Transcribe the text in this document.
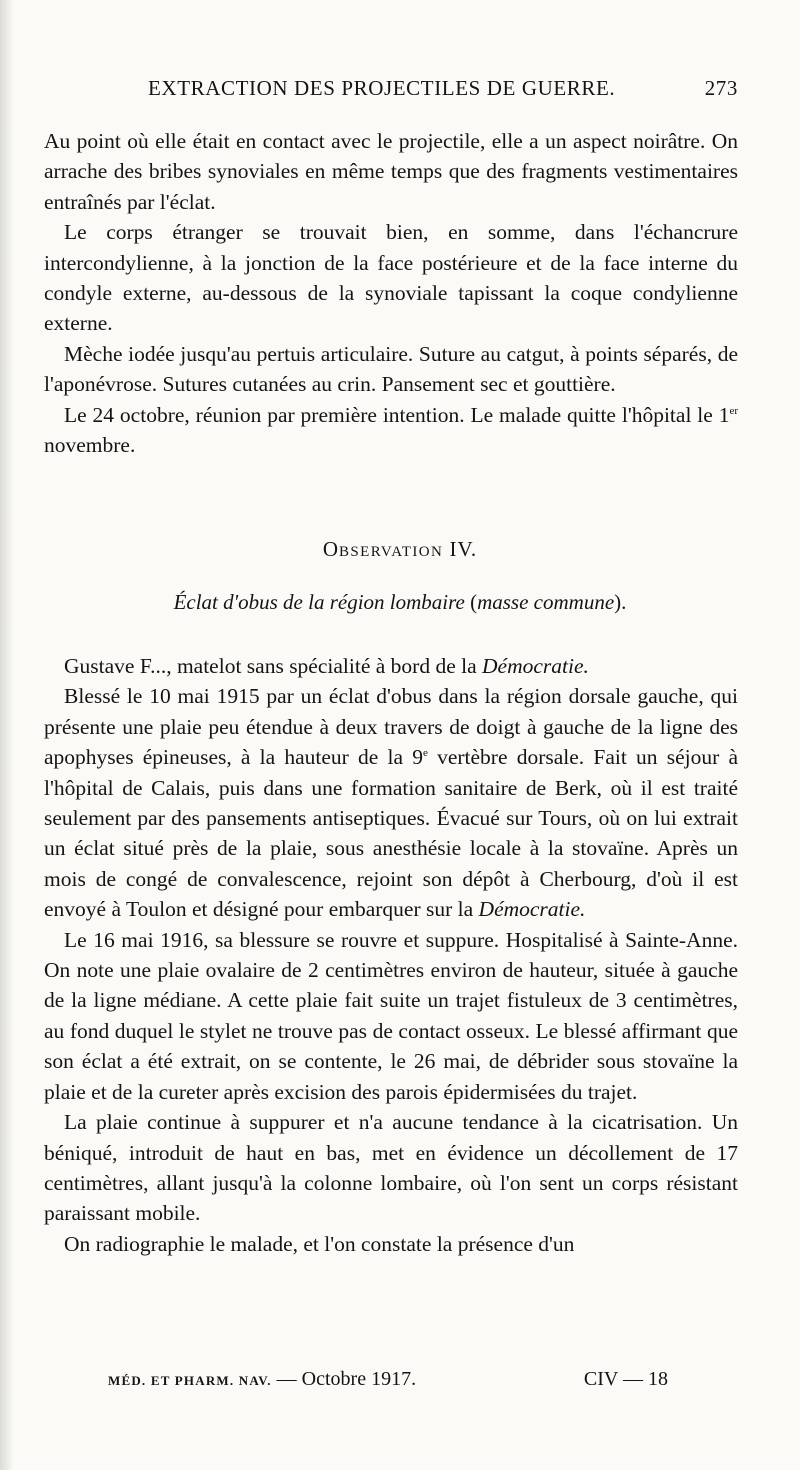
EXTRACTION DES PROJECTILES DE GUERRE.	273

Au point où elle était en contact avec le projectile, elle a un aspect noirâtre. On arrache des bribes synoviales en même temps que des fragments vestimentaires entraînés par l'éclat.

Le corps étranger se trouvait bien, en somme, dans l'échancrure intercondylienne, à la jonction de la face postérieure et de la face interne du condyle externe, au-dessous de la synoviale tapissant la coque condylienne externe.

Mèche iodée jusqu'au pertuis articulaire. Suture au catgut, à points séparés, de l'aponévrose. Sutures cutanées au crin. Pansement sec et gouttière.

Le 24 octobre, réunion par première intention. Le malade quitte l'hôpital le 1er novembre.

OBSERVATION IV.
Éclat d'obus de la région lombaire (masse commune).

Gustave F..., matelot sans spécialité à bord de la Démocratie.

Blessé le 10 mai 1915 par un éclat d'obus dans la région dorsale gauche, qui présente une plaie peu étendue à deux travers de doigt à gauche de la ligne des apophyses épineuses, à la hauteur de la 9e vertèbre dorsale. Fait un séjour à l'hôpital de Calais, puis dans une formation sanitaire de Berk, où il est traité seulement par des pansements antiseptiques. Évacué sur Tours, où on lui extrait un éclat situé près de la plaie, sous anesthésie locale à la stovaïne. Après un mois de congé de convalescence, rejoint son dépôt à Cherbourg, d'où il est envoyé à Toulon et désigné pour embarquer sur la Démocratie.

Le 16 mai 1916, sa blessure se rouvre et suppure. Hospitalisé à Sainte-Anne. On note une plaie ovalaire de 2 centimètres environ de hauteur, située à gauche de la ligne médiane. A cette plaie fait suite un trajet fistuleux de 3 centimètres, au fond duquel le stylet ne trouve pas de contact osseux. Le blessé affirmant que son éclat a été extrait, on se contente, le 26 mai, de débrider sous stovaïne la plaie et de la cureter après excision des parois épidermisées du trajet.

La plaie continue à suppurer et n'a aucune tendance à la cicatrisation. Un béniqué, introduit de haut en bas, met en évidence un décollement de 17 centimètres, allant jusqu'à la colonne lombaire, où l'on sent un corps résistant paraissant mobile.

On radiographie le malade, et l'on constate la présence d'un

MÉD. ET PHARM. NAV. — Octobre 1917.	CIV — 18
